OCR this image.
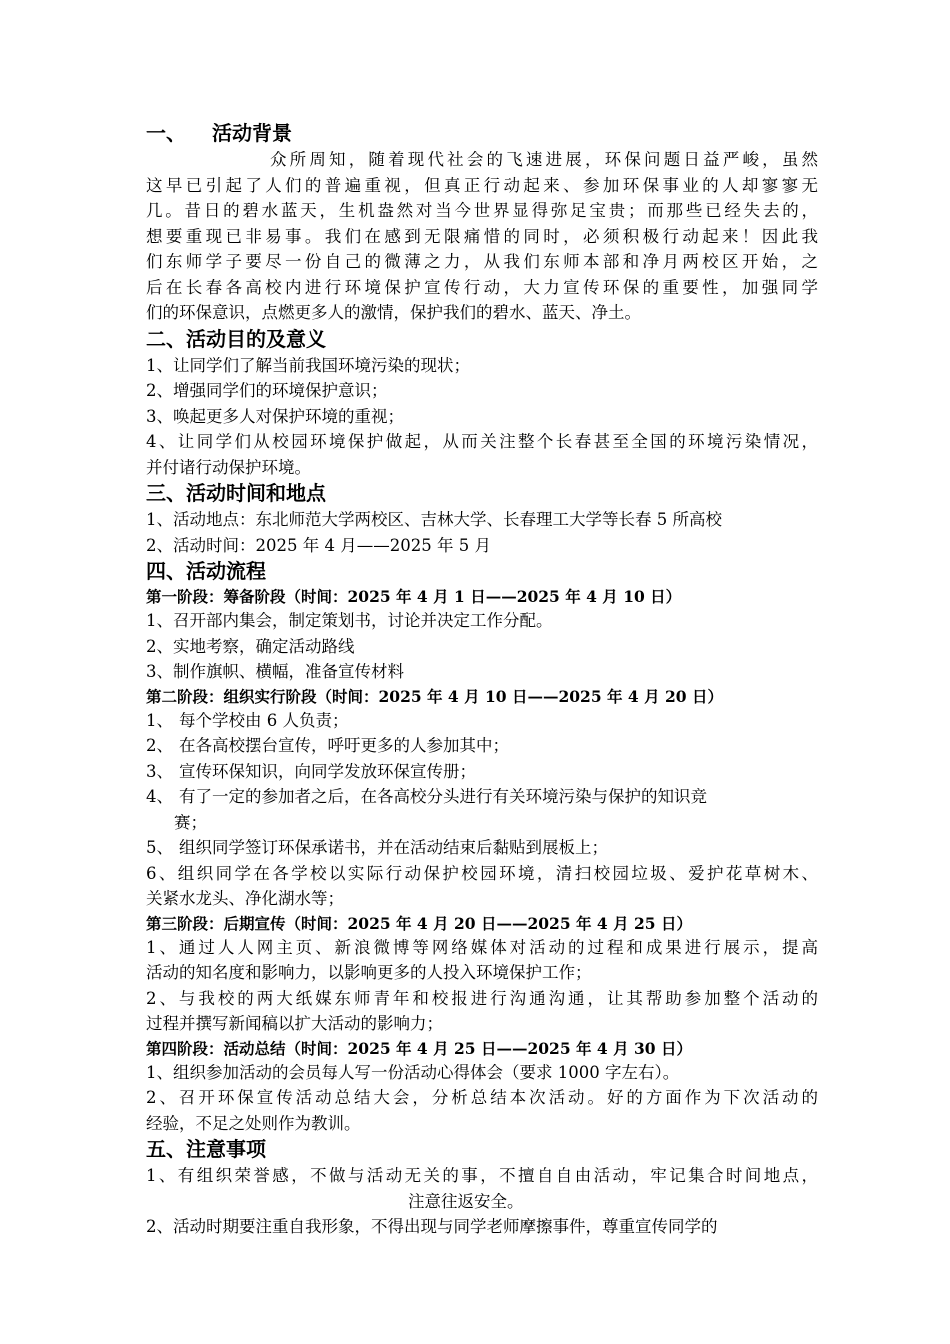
一、 活动背景
众所周知，随着现代社会的飞速进展，环保问题日益严峻，虽然
这早已引起了人们的普遍重视，但真正行动起来、参加环保事业的人却寥寥无
几。昔日的碧水蓝天，生机盎然对当今世界显得弥足宝贵；而那些已经失去的，
想要重现已非易事。我们在感到无限痛惜的同时，必须积极行动起来！因此我
们东师学子要尽一份自己的微薄之力，从我们东师本部和净月两校区开始，之
后在长春各高校内进行环境保护宣传行动，大力宣传环保的重要性，加强同学
们的环保意识，点燃更多人的激情，保护我们的碧水、蓝天、净土。
二、活动目的及意义
1、让同学们了解当前我国环境污染的现状；
2、增强同学们的环境保护意识；
3、唤起更多人对保护环境的重视；
4、让同学们从校园环境保护做起，从而关注整个长春甚至全国的环境污染情况，
并付诸行动保护环境。
三、活动时间和地点
1、活动地点：东北师范大学两校区、吉林大学、长春理工大学等长春 5 所高校
2、活动时间：2025 年 4 月——2025 年 5 月
四、活动流程
第一阶段：筹备阶段（时间：2025 年 4 月 1 日——2025 年 4 月 10 日）
1、召开部内集会，制定策划书，讨论并决定工作分配。
2、实地考察，确定活动路线
3、制作旗帜、横幅，准备宣传材料
第二阶段：组织实行阶段（时间：2025 年 4 月 10 日——2025 年 4 月 20 日）
1、 每个学校由 6 人负责；
2、 在各高校摆台宣传，呼吁更多的人参加其中；
3、 宣传环保知识，向同学发放环保宣传册；
4、 有了一定的参加者之后，在各高校分头进行有关环境污染与保护的知识竞
赛；
5、 组织同学签订环保承诺书，并在活动结束后黏贴到展板上；
6、组织同学在各学校以实际行动保护校园环境，清扫校园垃圾、爱护花草树木、
关紧水龙头、净化湖水等；
第三阶段：后期宣传（时间：2025 年 4 月 20 日——2025 年 4 月 25 日）
1、通过人人网主页、新浪微博等网络媒体对活动的过程和成果进行展示，提高
活动的知名度和影响力，以影响更多的人投入环境保护工作；
2、与我校的两大纸媒东师青年和校报进行沟通沟通，让其帮助参加整个活动的
过程并撰写新闻稿以扩大活动的影响力；
第四阶段：活动总结（时间：2025 年 4 月 25 日——2025 年 4 月 30 日）
1、组织参加活动的会员每人写一份活动心得体会（要求 1000 字左右）。
2、召开环保宣传活动总结大会，分析总结本次活动。好的方面作为下次活动的
经验，不足之处则作为教训。
五、注意事项
1、有组织荣誉感，不做与活动无关的事，不擅自自由活动，牢记集合时间地点，
注意往返安全。
2、活动时期要注重自我形象，不得出现与同学老师摩擦事件，尊重宣传同学的
